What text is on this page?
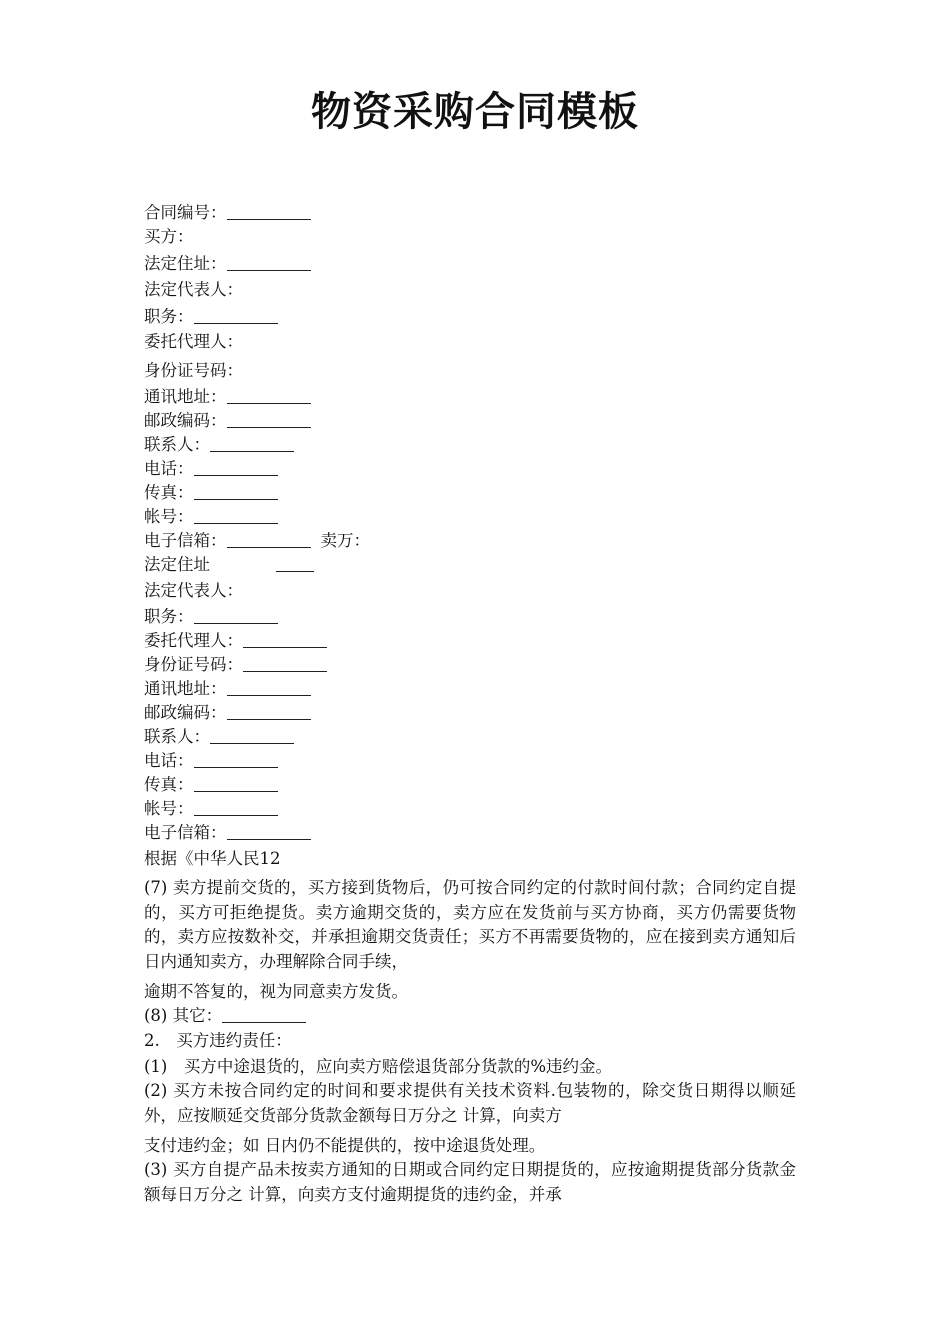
物资采购合同模板
合同编号：
买方：
法定住址：
法定代表人：
职务：
委托代理人：
身份证号码：
通讯地址：
邮政编码：
联系人：
电话：
传真：
帐号：
电子信箱：	卖万：
法定住址
法定代表人：
职务：
委托代理人：
身份证号码：
通讯地址：
邮政编码：
联系人：
电话：
传真：
帐号：
电子信箱：
根据《中华人民12
(7) 卖方提前交货的，买方接到货物后，仍可按合同约定的付款时间付款；合同约定自提的，买方可拒绝提货。卖方逾期交货的，卖方应在发货前与买方协商，买方仍需要货物的，卖方应按数补交，并承担逾期交货责任；买方不再需要货物的，应在接到卖方通知后 日内通知卖方，办理解除合同手续，
逾期不答复的，视为同意卖方发货。
(8) 其它：
2.　买方违约责任：
(1)　买方中途退货的，应向卖方赔偿退货部分货款的%违约金。
(2) 买方未按合同约定的时间和要求提供有关技术资料.包装物的，除交货日期得以顺延外，应按顺延交货部分货款金额每日万分之 计算，向卖方
支付违约金；如 日内仍不能提供的，按中途退货处理。
(3) 买方自提产品未按卖方通知的日期或合同约定日期提货的，应按逾期提货部分货款金额每日万分之 计算，向卖方支付逾期提货的违约金，并承
